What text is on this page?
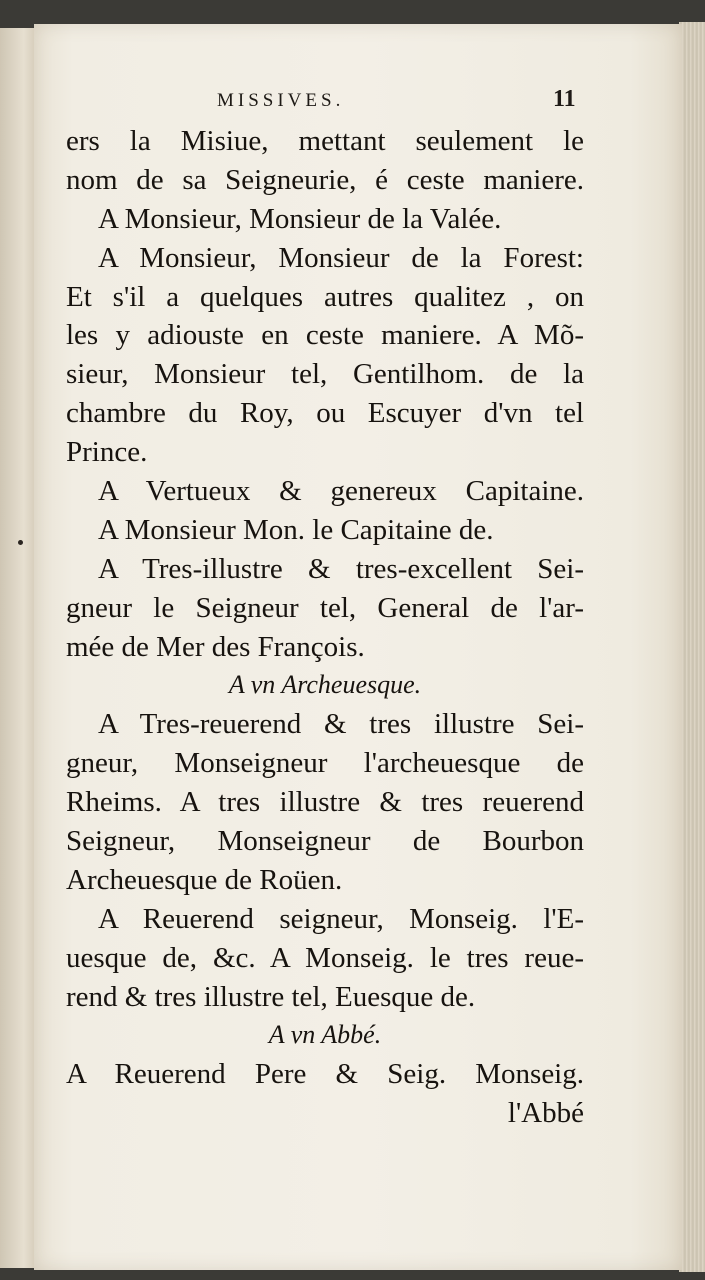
MISSIVES.	11
ers la Misiue, mettant seulement le
nom de sa Seigneurie, é ceste maniere.
A Monsieur, Monsieur de la Valée.
A Monsieur, Monsieur de la Forest:
Et s'il a quelques autres qualitez , on
les y adiouste en ceste maniere. A Mõ-
sieur, Monsieur tel, Gentilhom. de la
chambre du Roy, ou Escuyer d'vn tel
Prince.
A Vertueux & genereux Capitaine.
A Monsieur Mon. le Capitaine de.
A Tres-illustre & tres-excellent Sei-
gneur le Seigneur tel, General de l'ar-
mée de Mer des François.
A vn Archeuesque.
A Tres-reuerend & tres illustre Sei-
gneur, Monseigneur l'archeuesque de
Rheims. A tres illustre & tres reuerend
Seigneur, Monseigneur de Bourbon
Archeuesque de Roüen.
A Reuerend seigneur, Monseig. l'E-
uesque de, &c. A Monseig. le tres reue-
rend & tres illustre tel, Euesque de.
A vn Abbé.
A Reuerend Pere & Seig. Monseig.
l'Abbé
